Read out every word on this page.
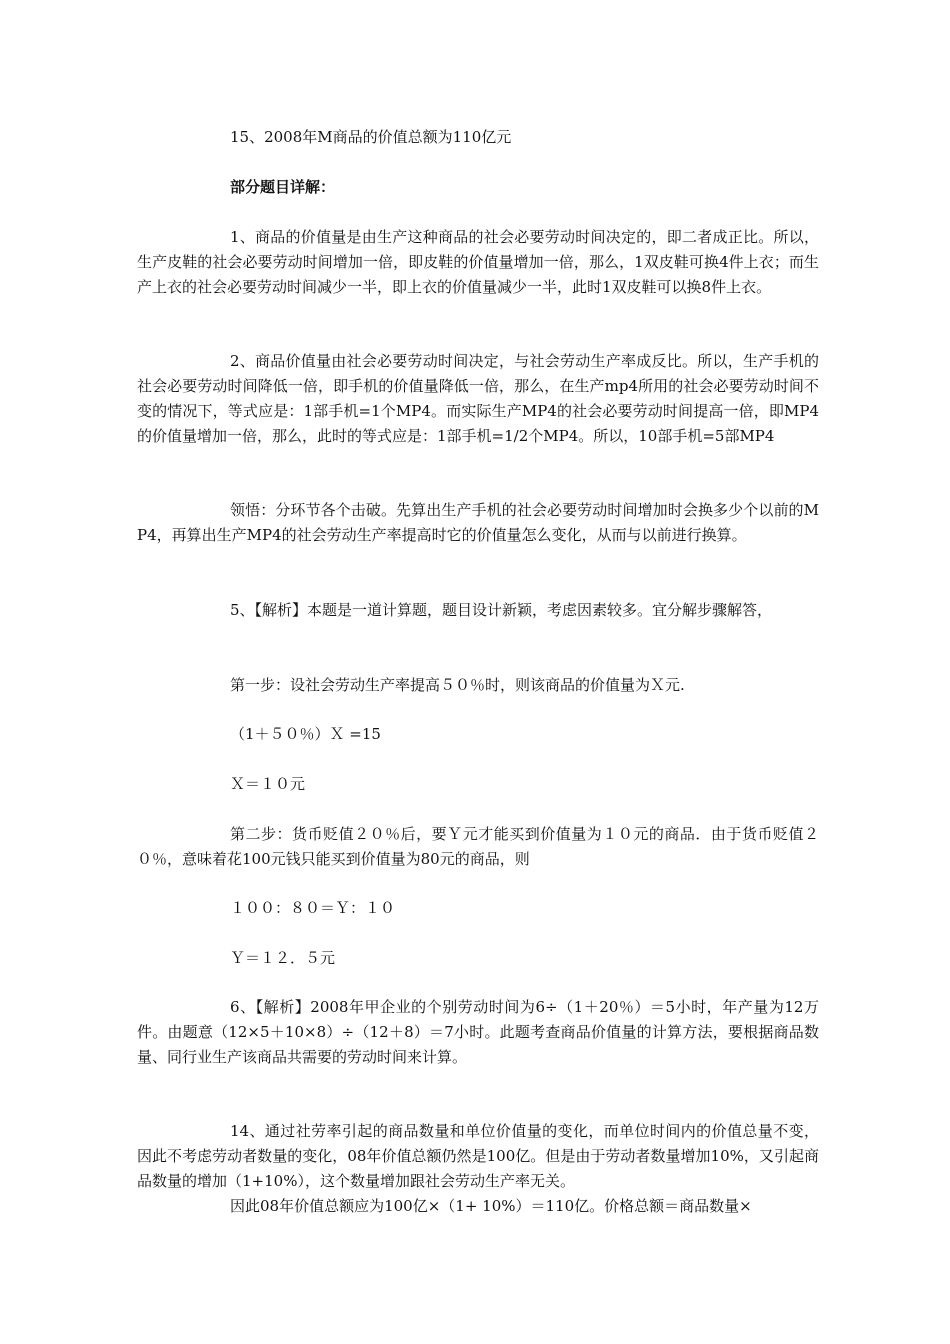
15、2008年M商品的价值总额为110亿元
部分题目详解：
1、商品的价值量是由生产这种商品的社会必要劳动时间决定的，即二者成正比。所以，生产皮鞋的社会必要劳动时间增加一倍，即皮鞋的价值量增加一倍，那么，1双皮鞋可换4件上衣；而生产上衣的社会必要劳动时间减少一半，即上衣的价值量减少一半，此时1双皮鞋可以换8件上衣。
2、商品价值量由社会必要劳动时间决定，与社会劳动生产率成反比。所以，生产手机的社会必要劳动时间降低一倍，即手机的价值量降低一倍，那么，在生产mp4所用的社会必要劳动时间不变的情况下，等式应是：1部手机=1个MP4。而实际生产MP4的社会必要劳动时间提高一倍，即MP4的价值量增加一倍，那么，此时的等式应是：1部手机=1/2个MP4。所以，10部手机=5部MP4
领悟：分环节各个击破。先算出生产手机的社会必要劳动时间增加时会换多少个以前的MP4，再算出生产MP4的社会劳动生产率提高时它的价值量怎么变化，从而与以前进行换算。
5、【解析】本题是一道计算题，题目设计新颖，考虑因素较多。宜分解步骤解答，
第一步：设社会劳动生产率提高５０％时，则该商品的价值量为Ｘ元.
（1＋５０％）Ｘ =15
Ｘ＝１０元
第二步：货币贬值２０％后，要Ｙ元才能买到价值量为１０元的商品．由于货币贬值２０％，意味着花100元钱只能买到价值量为80元的商品，则
１００：８０＝Ｙ：１０
Ｙ＝１２．５元
6、【解析】2008年甲企业的个别劳动时间为6÷（1＋20％）＝5小时，年产量为12万件。由题意（12×5＋10×8）÷（12＋8）＝7小时。此题考查商品价值量的计算方法，要根据商品数量、同行业生产该商品共需要的劳动时间来计算。
14、通过社劳率引起的商品数量和单位价值量的变化，而单位时间内的价值总量不变，因此不考虑劳动者数量的变化，08年价值总额仍然是100亿。但是由于劳动者数量增加10%，又引起商品数量的增加（1+10%），这个数量增加跟社会劳动生产率无关。
因此08年价值总额应为100亿×（1+ 10%）＝110亿。价格总额＝商品数量×
